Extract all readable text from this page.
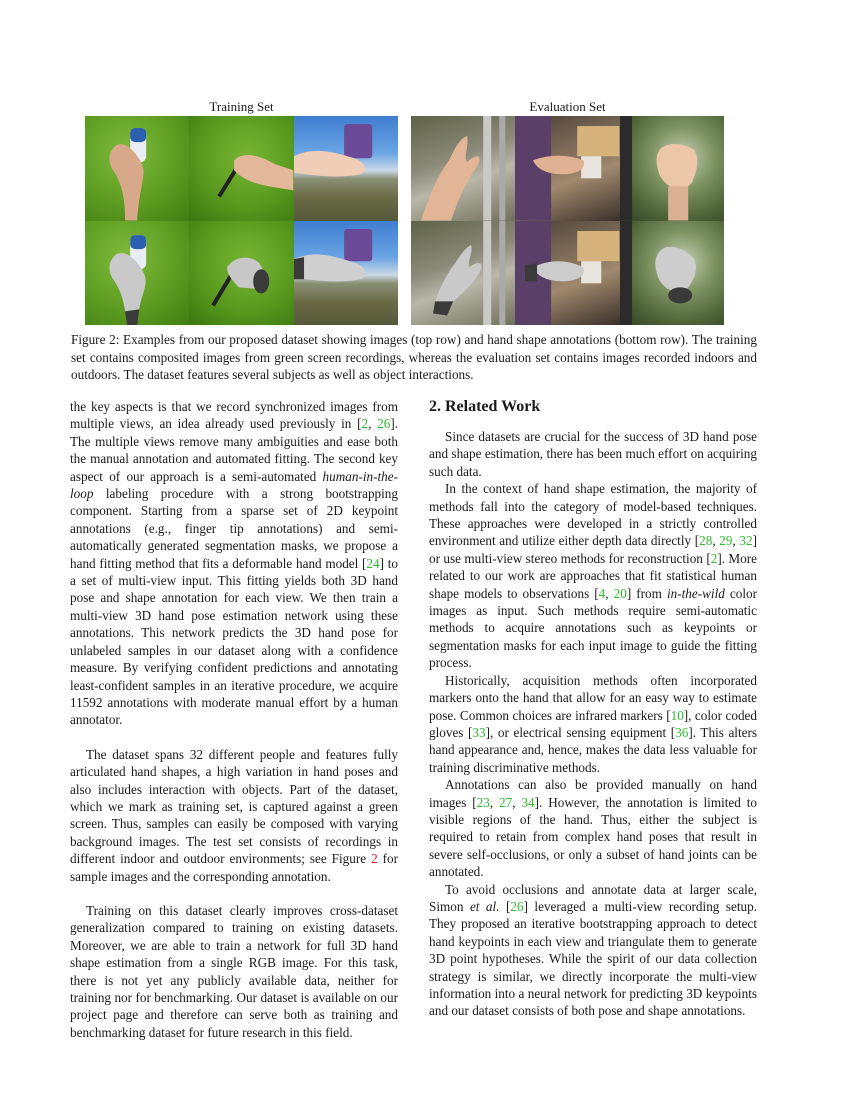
Training Set	Evaluation Set
Figure 2: Examples from our proposed dataset showing images (top row) and hand shape annotations (bottom row). The training set contains composited images from green screen recordings, whereas the evaluation set contains images recorded indoors and outdoors. The dataset features several subjects as well as object interactions.

the key aspects is that we record synchronized images from multiple views, an idea already used previously in [2, 26]. The multiple views remove many ambiguities and ease both the manual annotation and automated fitting. The second key aspect of our approach is a semi-automated human-in-the-loop labeling procedure with a strong bootstrapping component. Starting from a sparse set of 2D keypoint annotations (e.g., finger tip annotations) and semi-automatically generated segmentation masks, we propose a hand fitting method that fits a deformable hand model [24] to a set of multi-view input. This fitting yields both 3D hand pose and shape annotation for each view. We then train a multi-view 3D hand pose estimation network using these annotations. This network predicts the 3D hand pose for unlabeled samples in our dataset along with a confidence measure. By verifying confident predictions and annotating least-confident samples in an iterative procedure, we acquire 11592 annotations with moderate manual effort by a human annotator.

The dataset spans 32 different people and features fully articulated hand shapes, a high variation in hand poses and also includes interaction with objects. Part of the dataset, which we mark as training set, is captured against a green screen. Thus, samples can easily be composed with varying background images. The test set consists of recordings in different indoor and outdoor environments; see Figure 2 for sample images and the corresponding annotation.

Training on this dataset clearly improves cross-dataset generalization compared to training on existing datasets. Moreover, we are able to train a network for full 3D hand shape estimation from a single RGB image. For this task, there is not yet any publicly available data, neither for training nor for benchmarking. Our dataset is available on our project page and therefore can serve both as training and benchmarking dataset for future research in this field.

2. Related Work

Since datasets are crucial for the success of 3D hand pose and shape estimation, there has been much effort on acquiring such data.

In the context of hand shape estimation, the majority of methods fall into the category of model-based techniques. These approaches were developed in a strictly controlled environment and utilize either depth data directly [28, 29, 32] or use multi-view stereo methods for reconstruction [2]. More related to our work are approaches that fit statistical human shape models to observations [4, 20] from in-the-wild color images as input. Such methods require semi-automatic methods to acquire annotations such as keypoints or segmentation masks for each input image to guide the fitting process.

Historically, acquisition methods often incorporated markers onto the hand that allow for an easy way to estimate pose. Common choices are infrared markers [10], color coded gloves [33], or electrical sensing equipment [36]. This alters hand appearance and, hence, makes the data less valuable for training discriminative methods.

Annotations can also be provided manually on hand images [23, 27, 34]. However, the annotation is limited to visible regions of the hand. Thus, either the subject is required to retain from complex hand poses that result in severe self-occlusions, or only a subset of hand joints can be annotated.

To avoid occlusions and annotate data at larger scale, Simon et al. [26] leveraged a multi-view recording setup. They proposed an iterative bootstrapping approach to detect hand keypoints in each view and triangulate them to generate 3D point hypotheses. While the spirit of our data collection strategy is similar, we directly incorporate the multi-view information into a neural network for predicting 3D keypoints and our dataset consists of both pose and shape annotations.
